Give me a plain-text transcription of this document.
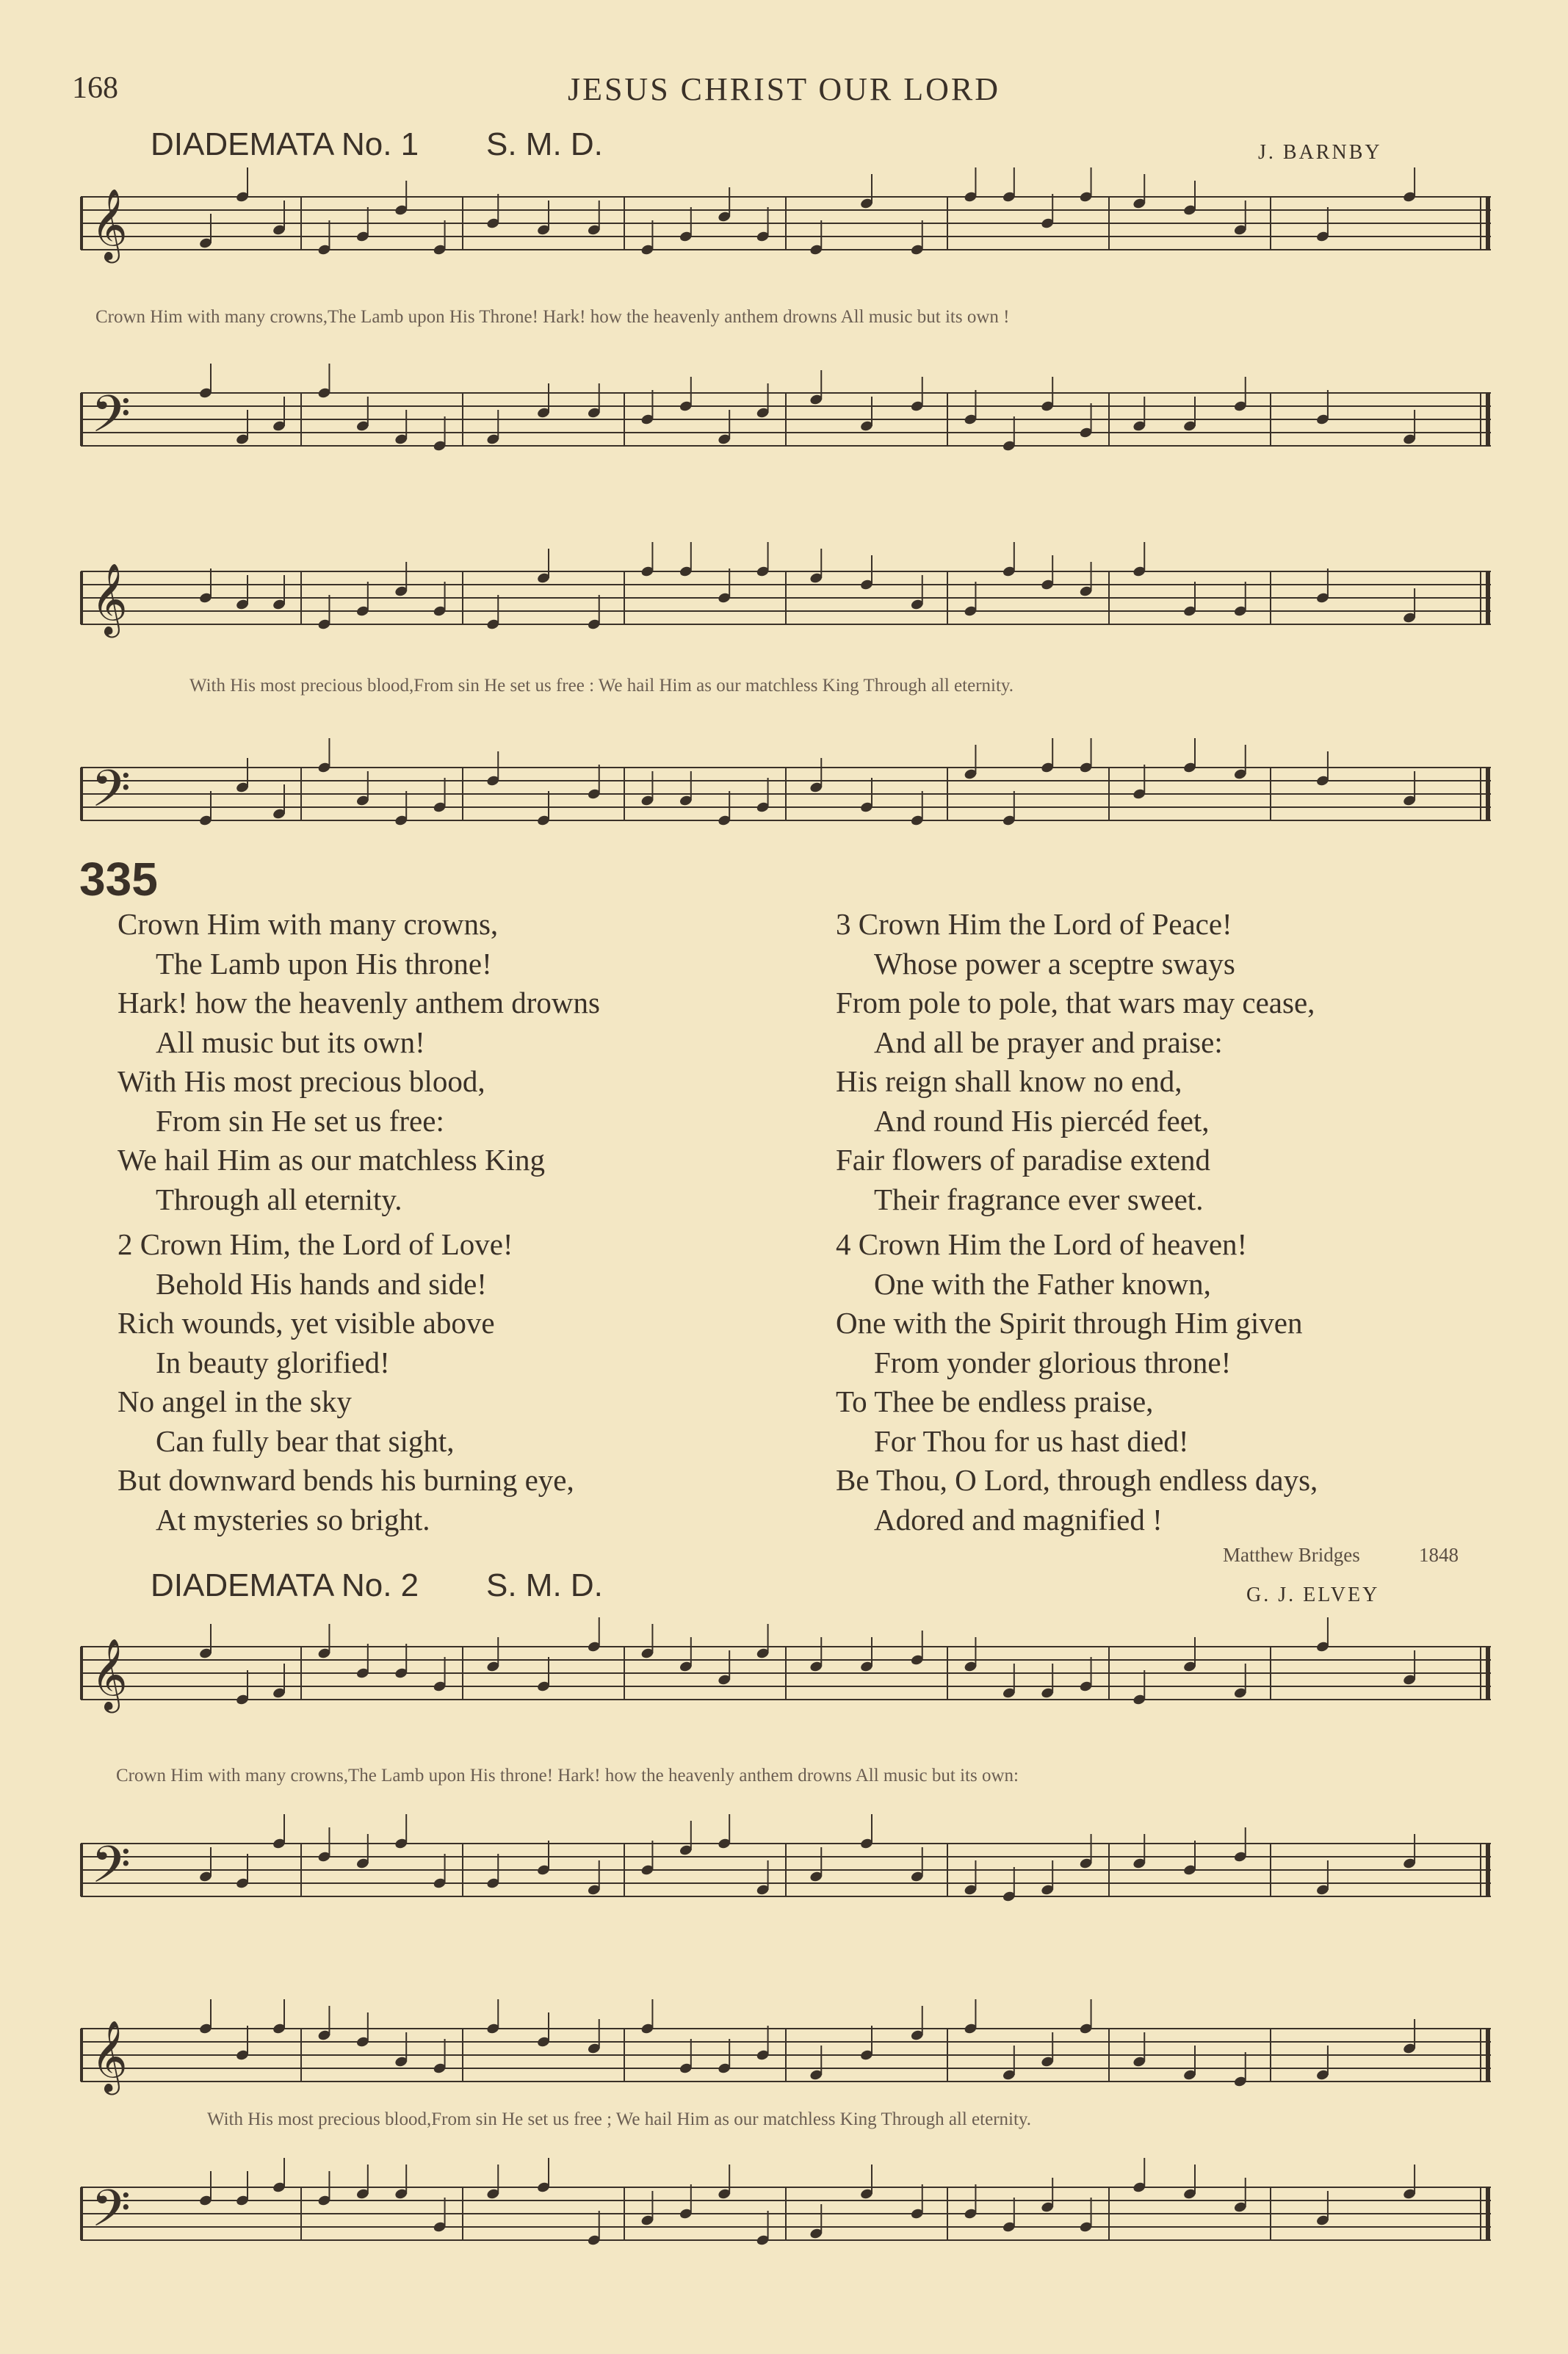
168	JESUS CHRIST OUR LORD
DIADEMATA No. 1 S. M. D.	J. BARNBY
𝄞
Crown Him with many crowns,The Lamb upon His Throne! Hark! how the heavenly anthem drowns All music but its own !
𝄢
𝄞
With His most precious blood,From sin He set us free : We hail Him as our matchless King Through all eternity.
𝄢
335
Crown Him with many crowns,
The Lamb upon His throne!
Hark! how the heavenly anthem drowns
All music but its own!
With His most precious blood,
From sin He set us free:
We hail Him as our matchless King
Through all eternity.
2 Crown Him, the Lord of Love!
Behold His hands and side!
Rich wounds, yet visible above
In beauty glorified!
No angel in the sky
Can fully bear that sight,
But downward bends his burning eye,
At mysteries so bright.
3 Crown Him the Lord of Peace!
Whose power a sceptre sways
From pole to pole, that wars may cease,
And all be prayer and praise:
His reign shall know no end,
And round His piercéd feet,
Fair flowers of paradise extend
Their fragrance ever sweet.
4 Crown Him the Lord of heaven!
One with the Father known,
One with the Spirit through Him given
From yonder glorious throne!
To Thee be endless praise,
For Thou for us hast died!
Be Thou, O Lord, through endless days,
Adored and magnified !
Matthew Bridges	1848
DIADEMATA No. 2 S. M. D.	G. J. ELVEY
𝄞
Crown Him with many crowns,The Lamb upon His throne! Hark! how the heavenly anthem drowns All music but its own:
𝄢
𝄞
With His most precious blood,From sin He set us free ; We hail Him as our matchless King Through all eternity.
𝄢
